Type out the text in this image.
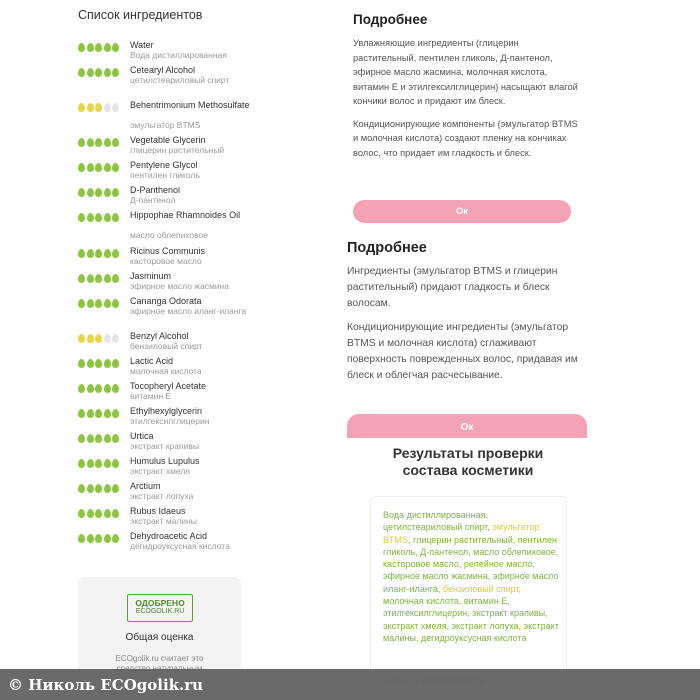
Список ингредиентов
Water
Вода дистиллированная
Cetearyl Alcohol
цетилстеариловый спирт
Behentrimonium Methosulfate
эмульгатор BTMS
Vegetable Glycerin
глицерин растительный
Pentylene Glycol
пентилен гликоль
D-Panthenol
Д-пантенол
Hippophae Rhamnoides Oil
масло облепиховое
Ricinus Communis
касторовое масло
Jasminum
эфирное масло жасмина
Cananga Odorata
эфирное масло иланг-иланга
Benzyl Alcohol
бензиловый спирт
Lactic Acid
молочная кислота
Tocopheryl Acetate
витамин Е
Ethylhexylglycerin
этилгексилглицерин
Urtica
экстракт крапивы
Humulus Lupulus
экстракт хмеля
Arctium
экстракт лопуха
Rubus Idaeus
экстракт малины
Dehydroacetic Acid
дегидроуксусная кислота
ОДОБРЕНО
ECOGOLIK.RU
Общая оценка
ECOgolik.ru считает это
Подробнее

Увлажняющие ингредиенты (глицерин растительный, пентилен гликоль, Д-пантенол, эфирное масло жасмина, молочная кислота, витамин Е и этилгексилглицерин) насыщают влагой кончики волос и придают им блеск.

Кондиционирующие компоненты (эмульгатор BTMS и молочная кислота) создают пленку на кончиках волос, что придает им гладкость и блеск.

Ок
Подробнее

Ингредиенты (эмульгатор BTMS и глицерин растительный) придают гладкость и блеск волосам.

Кондиционирующие ингредиенты (эмульгатор BTMS и молочная кислота) сглаживают поверхность поврежденных волос, придавая им блеск и облегчая расчесывание.

Ок
Результаты проверки состава косметики
Вода дистиллированная, цетилстеариловый спирт, эмульгатор BTMS, глицерин растительный, пентилен гликоль, Д-пантенол, масло облепиховое, касторовое масло, репейное масло, эфирное масло жасмина, эфирное масло иланг-иланга, бензиловый спирт, молочная кислота, витамин Е, этилгексилглицерин, экстракт крапивы, экстракт хмеля, экстракт лопуха, экстракт малины, дегидроуксусная кислота
© Николь ECOgolik.ru
